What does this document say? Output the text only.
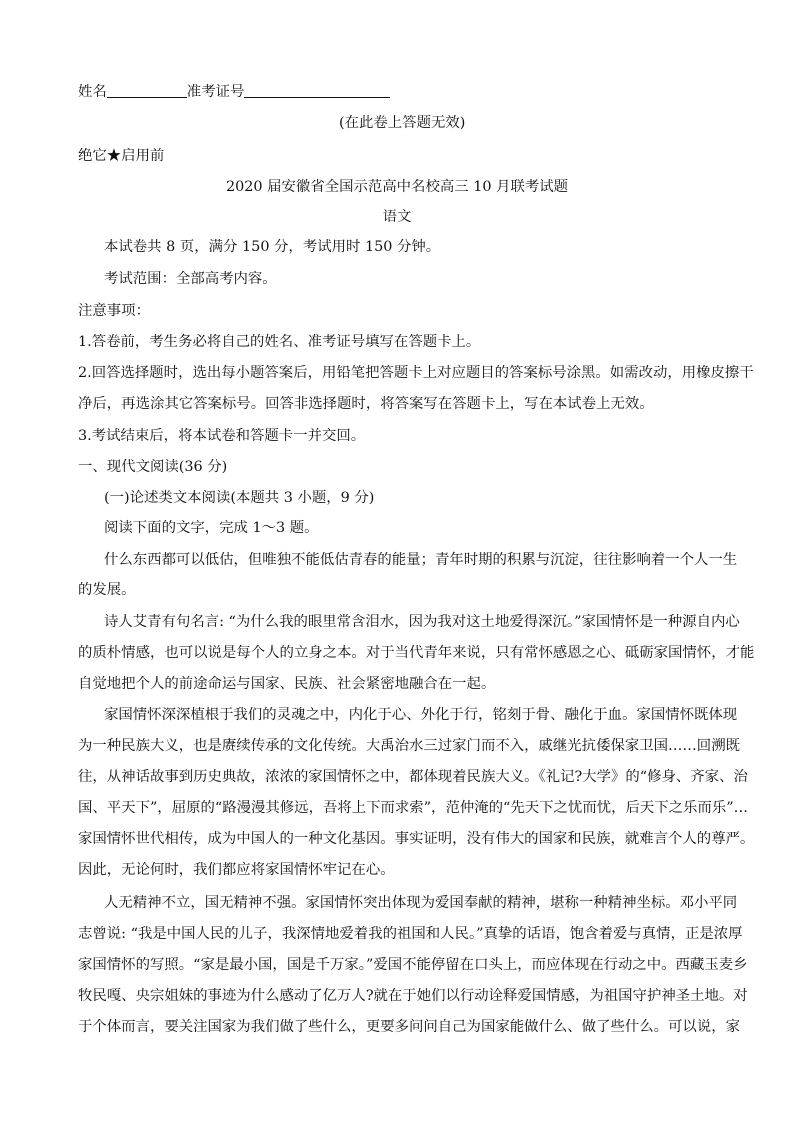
姓名	准考证号
(在此卷上答题无效)
绝它★启用前
2020 届安徽省全国示范高中名校高三 10 月联考试题
语文
本试卷共 8 页，满分 150 分，考试用时 150 分钟。
考试范围：全部高考内容。
注意事项：
1.答卷前，考生务必将自己的姓名、准考证号填写在答题卡上。
2.回答选择题时，选出每小题答案后，用铅笔把答题卡上对应题目的答案标号涂黑。如需改动，用橡皮擦干
净后，再选涂其它答案标号。回答非选择题时，将答案写在答题卡上，写在本试卷上无效。
3.考试结束后，将本试卷和答题卡一并交回。
一、现代文阅读(36 分)
(一)论述类文本阅读(本题共 3 小题，9 分)
阅读下面的文字，完成 1～3 题。
什么东西都可以低估，但唯独不能低估青春的能量；青年时期的积累与沉淀，往往影响着一个人一生
的发展。
诗人艾青有句名言: “为什么我的眼里常含泪水，因为我对这土地爱得深沉。”家国情怀是一种源自内心
的质朴情感，也可以说是每个人的立身之本。对于当代青年来说，只有常怀感恩之心、砥砺家国情怀，才能
自觉地把个人的前途命运与国家、民族、社会紧密地融合在一起。
家国情怀深深植根于我们的灵魂之中，内化于心、外化于行，铭刻于骨、融化于血。家国情怀既体现
为一种民族大义，也是赓续传承的文化传统。大禹治水三过家门而不入，戚继光抗倭保家卫国……回溯既
往，从神话故事到历史典故，浓浓的家国情怀之中，都体现着民族大义。《礼记?大学》的“修身、齐家、治
国、平天下”，屈原的“路漫漫其修远，吾将上下而求索”，范仲淹的“先天下之忧而忧，后天下之乐而乐”…
家国情怀世代相传，成为中国人的一种文化基因。事实证明，没有伟大的国家和民族，就难言个人的尊严。
因此，无论何时，我们都应将家国情怀牢记在心。
人无精神不立，国无精神不强。家国情怀突出体现为爱国奉献的精神，堪称一种精神坐标。邓小平同
志曾说: “我是中国人民的儿子，我深情地爱着我的祖国和人民。”真挚的话语，饱含着爱与真情，正是浓厚
家国情怀的写照。“家是最小国，国是千万家。”爱国不能停留在口头上，而应体现在行动之中。西藏玉麦乡
牧民嘎、央宗姐妹的事迹为什么感动了亿万人?就在于她们以行动诠释爱国情感，为祖国守护神圣土地。对
于个体而言，要关注国家为我们做了些什么，更要多问问自己为国家能做什么、做了些什么。可以说，家
